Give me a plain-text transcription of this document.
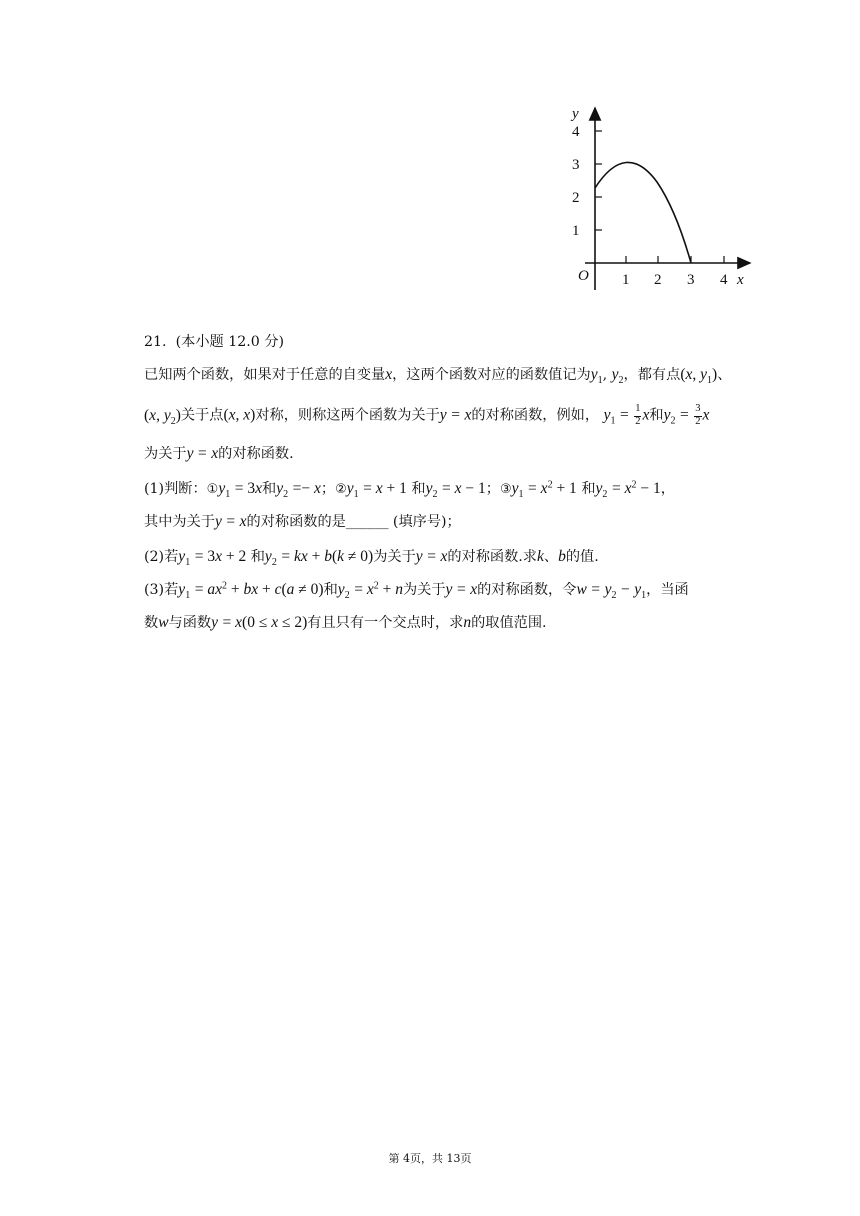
y
4
3
2
1
O 1 2 3 4 x
21. (本小题 12.0 分)
已知两个函数，如果对于任意的自变量x，这两个函数对应的函数值记为$y_1$, $y_2$，都有点(x, $y_1$)、
(x, $y_2$)关于点(x, x)对称，则称这两个函数为关于y = x的对称函数，例如， $y_1 = \frac{1}{2}$ x和$y_2 = \frac{3}{2}$ x
为关于y = x的对称函数.
(1)判断：$①y_1 = 3x$和$y_2 =- x$；$②y_1 = x + 1$ 和$y_2 = x - 1$；$③y_1 = x^2 + 1$ 和$y_2 = x^2 - 1$，
其中为关于y = x的对称函数的是______ (填序号)；
(2)若$y_1 = 3x + 2$ 和$y_2$ = kx + b(k ≠ 0)为关于y = x的对称函数.求k、b的值.
(3)若$y_1 = ax^2$ + bx + c(a ≠ 0)和$y_2 = x^2 + n$为关于y = x的对称函数，令$w = y_2 - y_1$，当函
数w与函数y = x(0 ≤ x ≤ 2)有且只有一个交点时，求n的取值范围.
第 4页，共 13页
